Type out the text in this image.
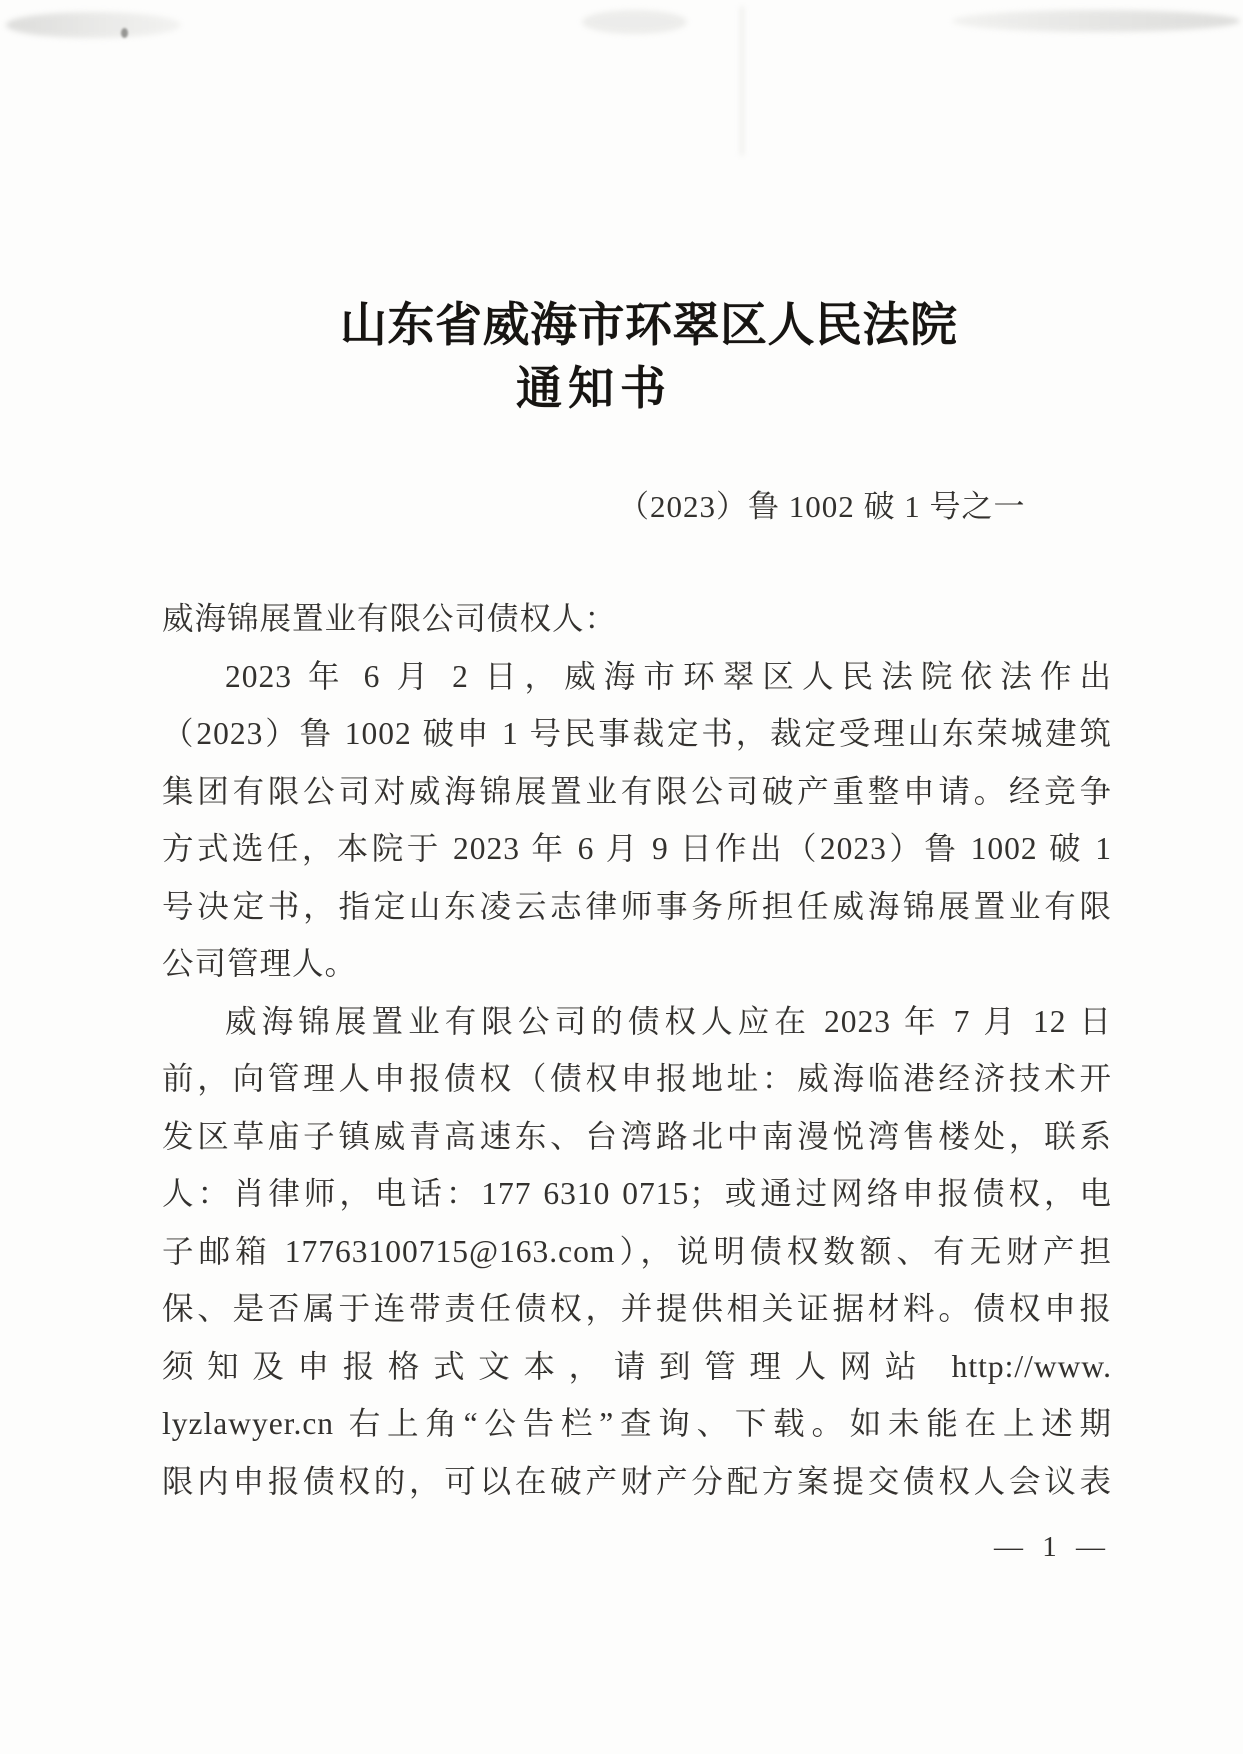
山东省威海市环翠区人民法院
通知书
（2023）鲁 1002 破 1 号之一
威海锦展置业有限公司债权人：
2023 年 6 月 2 日，威海市环翠区人民法院依法作出
（2023）鲁 1002 破申 1 号民事裁定书，裁定受理山东荣城建筑
集团有限公司对威海锦展置业有限公司破产重整申请。经竞争
方式选任，本院于 2023 年 6 月 9 日作出（2023）鲁 1002 破 1
号决定书，指定山东凌云志律师事务所担任威海锦展置业有限
公司管理人。
威海锦展置业有限公司的债权人应在 2023 年 7 月 12 日
前，向管理人申报债权（债权申报地址：威海临港经济技术开
发区草庙子镇威青高速东、台湾路北中南漫悦湾售楼处，联系
人：肖律师，电话：177 6310 0715；或通过网络申报债权，电
子邮箱 17763100715@163.com），说明债权数额、有无财产担
保、是否属于连带责任债权，并提供相关证据材料。债权申报
须知及申报格式文本，请到管理人网站 http://www.
lyzlawyer.cn 右上角“公告栏”查询、下载。如未能在上述期
限内申报债权的，可以在破产财产分配方案提交债权人会议表
— 1 —
